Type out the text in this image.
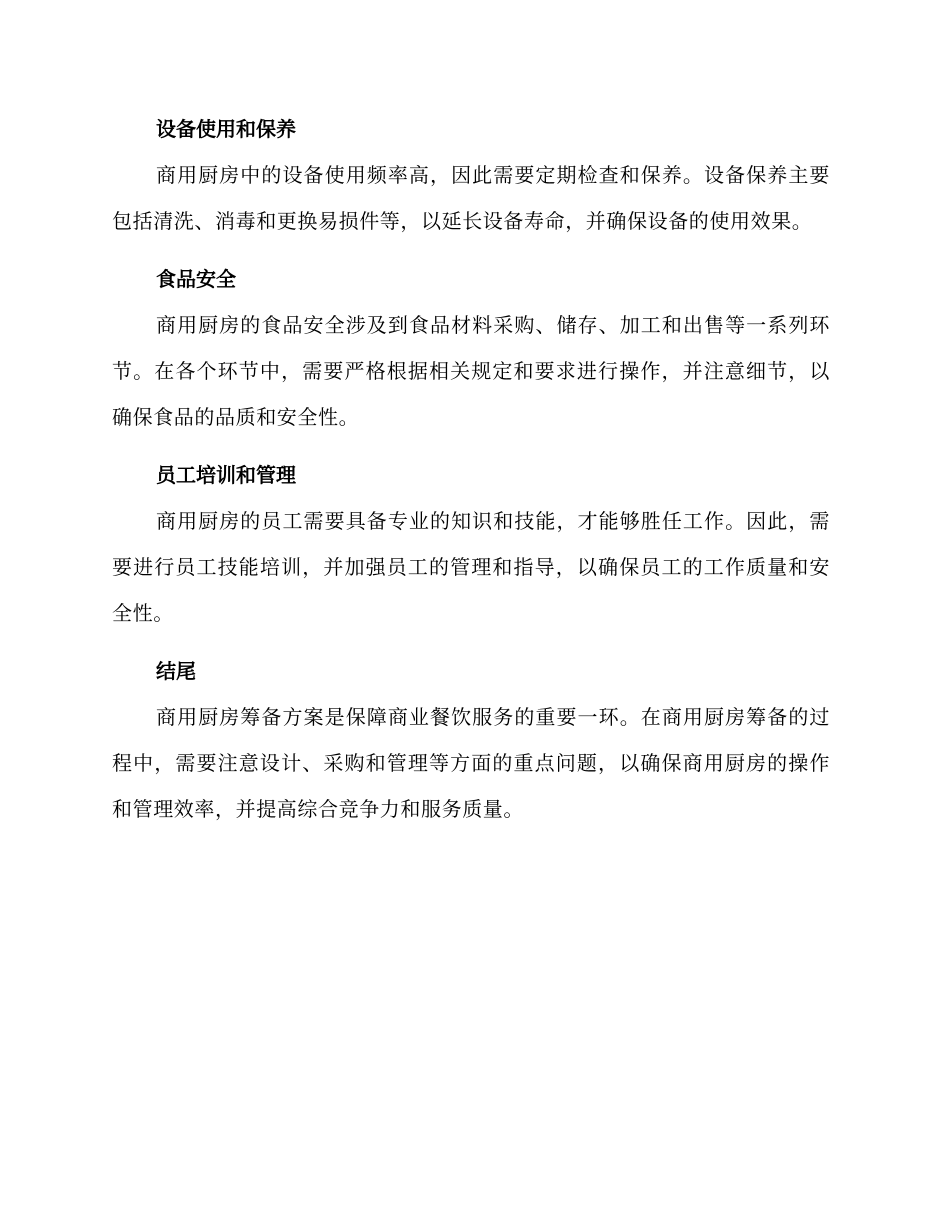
设备使用和保养

商用厨房中的设备使用频率高，因此需要定期检查和保养。设备保养主要包括清洗、消毒和更换易损件等，以延长设备寿命，并确保设备的使用效果。

食品安全

商用厨房的食品安全涉及到食品材料采购、储存、加工和出售等一系列环节。在各个环节中，需要严格根据相关规定和要求进行操作，并注意细节，以确保食品的品质和安全性。

员工培训和管理

商用厨房的员工需要具备专业的知识和技能，才能够胜任工作。因此，需要进行员工技能培训，并加强员工的管理和指导，以确保员工的工作质量和安全性。

结尾

商用厨房筹备方案是保障商业餐饮服务的重要一环。在商用厨房筹备的过程中，需要注意设计、采购和管理等方面的重点问题，以确保商用厨房的操作和管理效率，并提高综合竞争力和服务质量。
